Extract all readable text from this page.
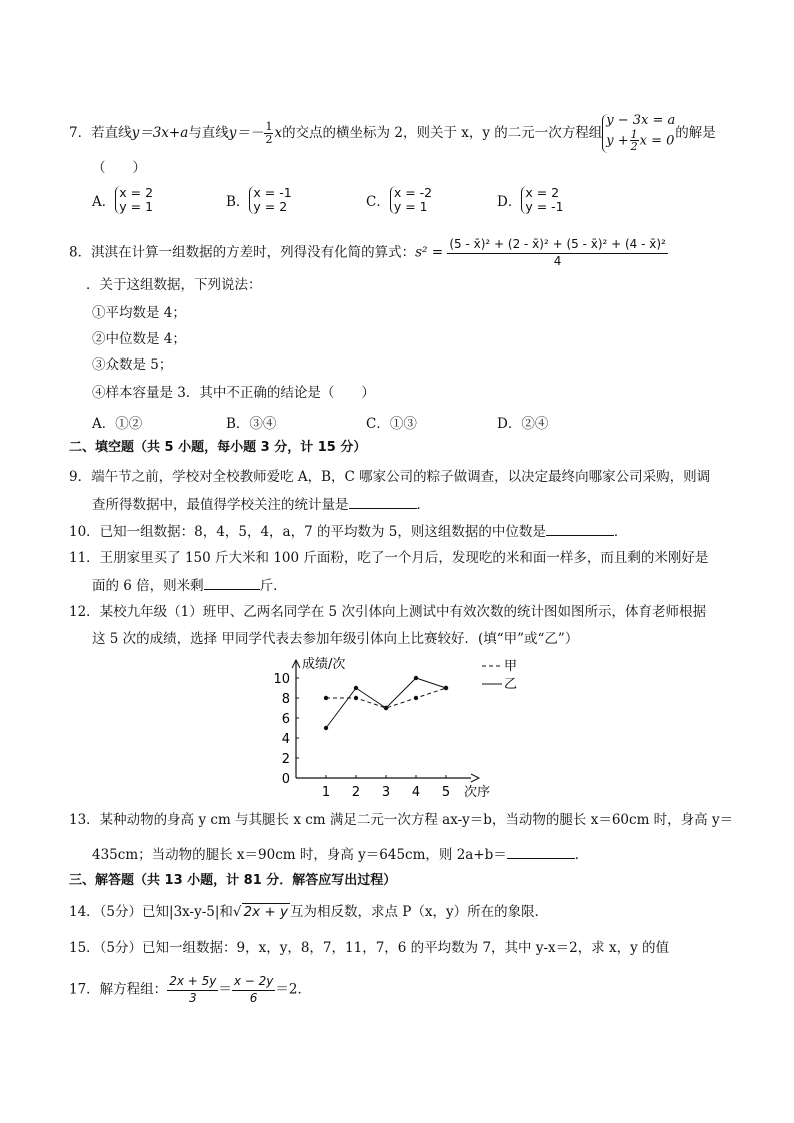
7．若直线y＝3x+a与直线$y=- \frac{1}{2}$ x的交点的横坐标为 2，则关于 x，y 的二元一次方程组
y − 3x = a
$y + \frac{1}{2}$ x = 0 的解是
（　　）
A．
x = 2
y = 1	B．
x = -1
y = 2	C．
x = -2
y = 1	D．
x = 2
y = -1
8．淇淇在计算一组数据的方差时，列得没有化简的算式：$s^2 = \frac{\text{(5 - x̄)² + (2 - x̄)² + (5 - x̄)² + (4 - x̄)²}}{4}$
．关于这组数据，下列说法：
①平均数是 4；
②中位数是 4；
③众数是 5；
④样本容量是 3．其中不正确的结论是（　　）
A．①②	B．③④	C．①③	D．②④
二、填空题（共 5 小题，每小题 3 分，计 15 分）
9．端午节之前，学校对全校教师爱吃 A，B，C 哪家公司的粽子做调查，以决定最终向哪家公司采购，则调
查所得数据中，最值得学校关注的统计量是	．
10．已知一组数据：8，4，5，4，a，7 的平均数为 5，则这组数据的中位数是	．
11．王朋家里买了 150 斤大米和 100 斤面粉，吃了一个月后，发现吃的米和面一样多，而且剩的米刚好是
面的 6 倍，则米剩	斤．
12．某校九年级（1）班甲、乙两名同学在 5 次引体向上测试中有效次数的统计图如图所示，体育老师根据
这 5 次的成绩，选择 甲同学代表去参加年级引体向上比赛较好．(填“甲”或“乙”）
0
2
4
6
8
10
1 2 3 4 5
成绩/次
次序
甲
乙
13．某种动物的身高 y cm 与其腿长 x cm 满足二元一次方程 ax-y＝b，当动物的腿长 x＝60cm 时，身高 y＝
435cm；当动物的腿长 x＝90cm 时，身高 y＝645cm，则 2a+b＝	．
三、解答题（共 13 小题，计 81 分．解答应写出过程）
14．（5分）已知|3x-y-5|和√ 2x + y 互为相反数，求点 P（x，y）所在的象限．
15．（5分）已知一组数据：9，x，y，8，7，11，7，6 的平均数为 7，其中 y-x＝2，求 x，y 的值
17．解方程组： $\frac{2x + 5y}{3} = \frac{x - 2y}{6} =2$．
